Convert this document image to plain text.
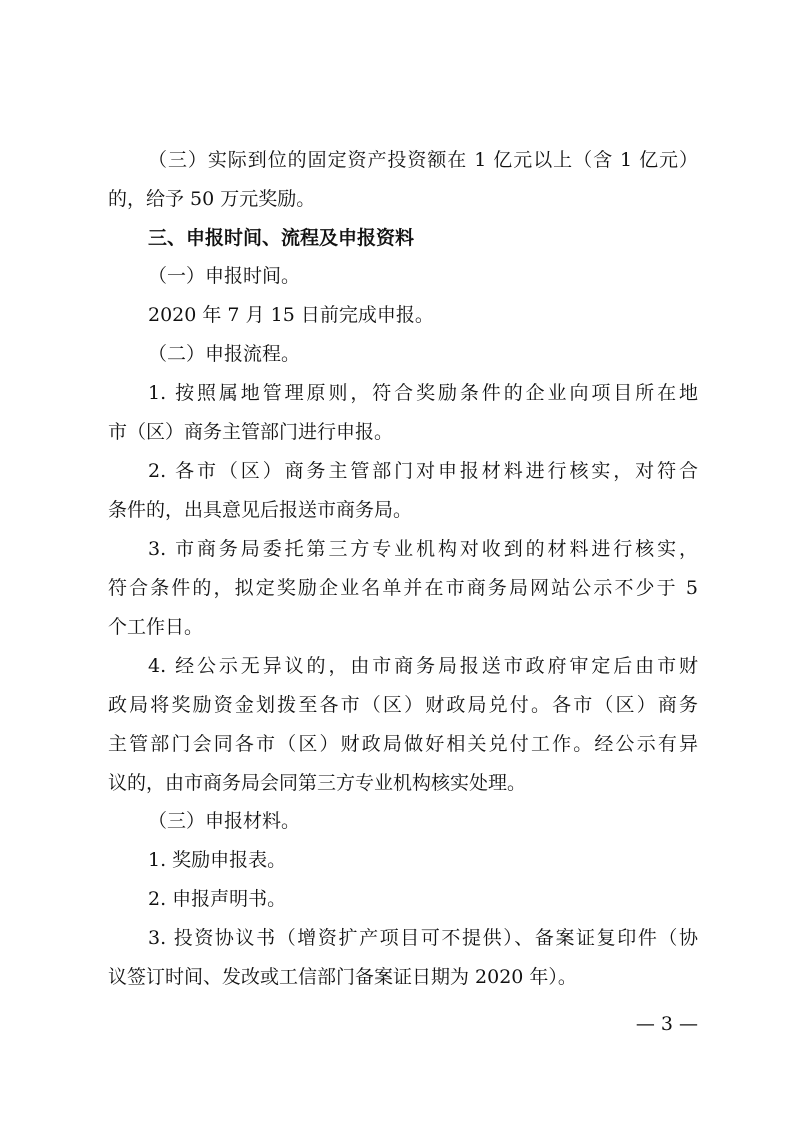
（三）实际到位的固定资产投资额在 1 亿元以上（含 1 亿元）

的，给予 50 万元奖励。

三、申报时间、流程及申报资料

（一）申报时间。

2020 年 7 月 15 日前完成申报。

（二）申报流程。

1. 按照属地管理原则，符合奖励条件的企业向项目所在地

市（区）商务主管部门进行申报。

2. 各市（区）商务主管部门对申报材料进行核实，对符合

条件的，出具意见后报送市商务局。

3. 市商务局委托第三方专业机构对收到的材料进行核实，

符合条件的，拟定奖励企业名单并在市商务局网站公示不少于 5

个工作日。

4. 经公示无异议的，由市商务局报送市政府审定后由市财

政局将奖励资金划拨至各市（区）财政局兑付。各市（区）商务

主管部门会同各市（区）财政局做好相关兑付工作。经公示有异

议的，由市商务局会同第三方专业机构核实处理。

（三）申报材料。

1. 奖励申报表。

2. 申报声明书。

3. 投资协议书（增资扩产项目可不提供）、备案证复印件（协

议签订时间、发改或工信部门备案证日期为 2020 年）。

— 3 —
